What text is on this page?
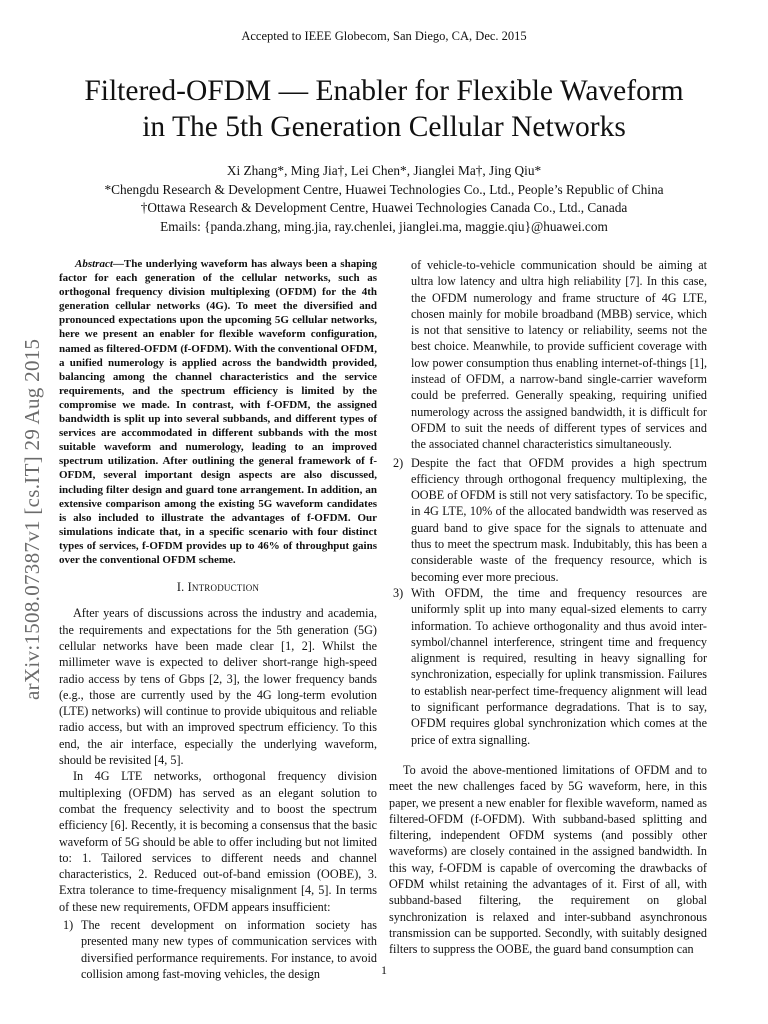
Accepted to IEEE Globecom, San Diego, CA, Dec. 2015
Filtered-OFDM — Enabler for Flexible Waveform
in The 5th Generation Cellular Networks
Xi Zhang*, Ming Jia†, Lei Chen*, Jianglei Ma†, Jing Qiu*
*Chengdu Research & Development Centre, Huawei Technologies Co., Ltd., People’s Republic of China
†Ottawa Research & Development Centre, Huawei Technologies Canada Co., Ltd., Canada
Emails: {panda.zhang, ming.jia, ray.chenlei, jianglei.ma, maggie.qiu}@huawei.com
arXiv:1508.07387v1 [cs.IT] 29 Aug 2015

Abstract—The underlying waveform has always been a shaping factor for each generation of the cellular networks, such as orthogonal frequency division multiplexing (OFDM) for the 4th generation cellular networks (4G). To meet the diversified and pronounced expectations upon the upcoming 5G cellular networks, here we present an enabler for flexible waveform configuration, named as filtered-OFDM (f-OFDM). With the conventional OFDM, a unified numerology is applied across the bandwidth provided, balancing among the channel characteristics and the service requirements, and the spectrum efficiency is limited by the compromise we made. In contrast, with f-OFDM, the assigned bandwidth is split up into several subbands, and different types of services are accommodated in different subbands with the most suitable waveform and numerology, leading to an improved spectrum utilization. After outlining the general framework of f-OFDM, several important design aspects are also discussed, including filter design and guard tone arrangement. In addition, an extensive comparison among the existing 5G waveform candidates is also included to illustrate the advantages of f-OFDM. Our simulations indicate that, in a specific scenario with four distinct types of services, f-OFDM provides up to 46% of throughput gains over the conventional OFDM scheme.

I. Introduction

After years of discussions across the industry and academia, the requirements and expectations for the 5th generation (5G) cellular networks have been made clear [1, 2]. Whilst the millimeter wave is expected to deliver short-range high-speed radio access by tens of Gbps [2, 3], the lower frequency bands (e.g., those are currently used by the 4G long-term evolution (LTE) networks) will continue to provide ubiquitous and reliable radio access, but with an improved spectrum efficiency. To this end, the air interface, especially the underlying waveform, should be revisited [4, 5].

In 4G LTE networks, orthogonal frequency division multiplexing (OFDM) has served as an elegant solution to combat the frequency selectivity and to boost the spectrum efficiency [6]. Recently, it is becoming a consensus that the basic waveform of 5G should be able to offer including but not limited to: 1. Tailored services to different needs and channel characteristics, 2. Reduced out-of-band emission (OOBE), 3. Extra tolerance to time-frequency misalignment [4, 5]. In terms of these new requirements, OFDM appears insufficient:

1) The recent development on information society has presented many new types of communication services with diversified performance requirements. For instance, to avoid collision among fast-moving vehicles, the design

of vehicle-to-vehicle communication should be aiming at ultra low latency and ultra high reliability [7]. In this case, the OFDM numerology and frame structure of 4G LTE, chosen mainly for mobile broadband (MBB) service, which is not that sensitive to latency or reliability, seems not the best choice. Meanwhile, to provide sufficient coverage with low power consumption thus enabling internet-of-things [1], instead of OFDM, a narrow-band single-carrier waveform could be preferred. Generally speaking, requiring unified numerology across the assigned bandwidth, it is difficult for OFDM to suit the needs of different types of services and the associated channel characteristics simultaneously.

2) Despite the fact that OFDM provides a high spectrum efficiency through orthogonal frequency multiplexing, the OOBE of OFDM is still not very satisfactory. To be specific, in 4G LTE, 10% of the allocated bandwidth was reserved as guard band to give space for the signals to attenuate and thus to meet the spectrum mask. Indubitably, this has been a considerable waste of the frequency resource, which is becoming ever more precious.
3) With OFDM, the time and frequency resources are uniformly split up into many equal-sized elements to carry information. To achieve orthogonality and thus avoid inter-symbol/channel interference, stringent time and frequency alignment is required, resulting in heavy signalling for synchronization, especially for uplink transmission. Failures to establish near-perfect time-frequency alignment will lead to significant performance degradations. That is to say, OFDM requires global synchronization which comes at the price of extra signalling.

To avoid the above-mentioned limitations of OFDM and to meet the new challenges faced by 5G waveform, here, in this paper, we present a new enabler for flexible waveform, named as filtered-OFDM (f-OFDM). With subband-based splitting and filtering, independent OFDM systems (and possibly other waveforms) are closely contained in the assigned bandwidth. In this way, f-OFDM is capable of overcoming the drawbacks of OFDM whilst retaining the advantages of it. First of all, with subband-based filtering, the requirement on global synchronization is relaxed and inter-subband asynchronous transmission can be supported. Secondly, with suitably designed filters to suppress the OOBE, the guard band consumption can

1
